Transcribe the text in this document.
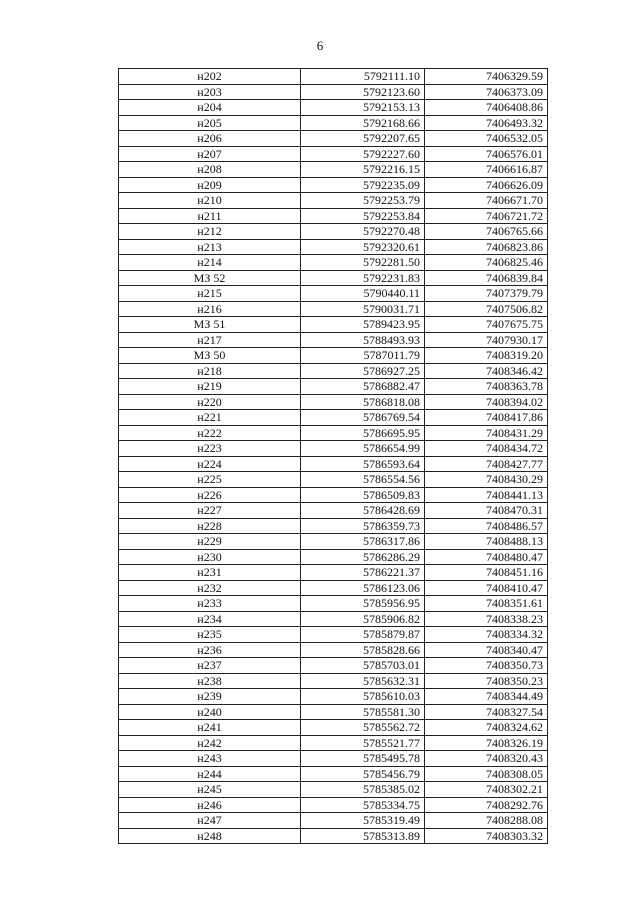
6
н202	5792111.10	7406329.59
н203	5792123.60	7406373.09
н204	5792153.13	7406408.86
н205	5792168.66	7406493.32
н206	5792207.65	7406532.05
н207	5792227.60	7406576.01
н208	5792216.15	7406616.87
н209	5792235.09	7406626.09
н210	5792253.79	7406671.70
н211	5792253.84	7406721.72
н212	5792270.48	7406765.66
н213	5792320.61	7406823.86
н214	5792281.50	7406825.46
МЗ 52	5792231.83	7406839.84
н215	5790440.11	7407379.79
н216	5790031.71	7407506.82
МЗ 51	5789423.95	7407675.75
н217	5788493.93	7407930.17
МЗ 50	5787011.79	7408319.20
н218	5786927.25	7408346.42
н219	5786882.47	7408363.78
н220	5786818.08	7408394.02
н221	5786769.54	7408417.86
н222	5786695.95	7408431.29
н223	5786654.99	7408434.72
н224	5786593.64	7408427.77
н225	5786554.56	7408430.29
н226	5786509.83	7408441.13
н227	5786428.69	7408470.31
н228	5786359.73	7408486.57
н229	5786317.86	7408488.13
н230	5786286.29	7408480.47
н231	5786221.37	7408451.16
н232	5786123.06	7408410.47
н233	5785956.95	7408351.61
н234	5785906.82	7408338.23
н235	5785879.87	7408334.32
н236	5785828.66	7408340.47
н237	5785703.01	7408350.73
н238	5785632.31	7408350.23
н239	5785610.03	7408344.49
н240	5785581.30	7408327.54
н241	5785562.72	7408324.62
н242	5785521.77	7408326.19
н243	5785495.78	7408320.43
н244	5785456.79	7408308.05
н245	5785385.02	7408302.21
н246	5785334.75	7408292.76
н247	5785319.49	7408288.08
н248	5785313.89	7408303.32
